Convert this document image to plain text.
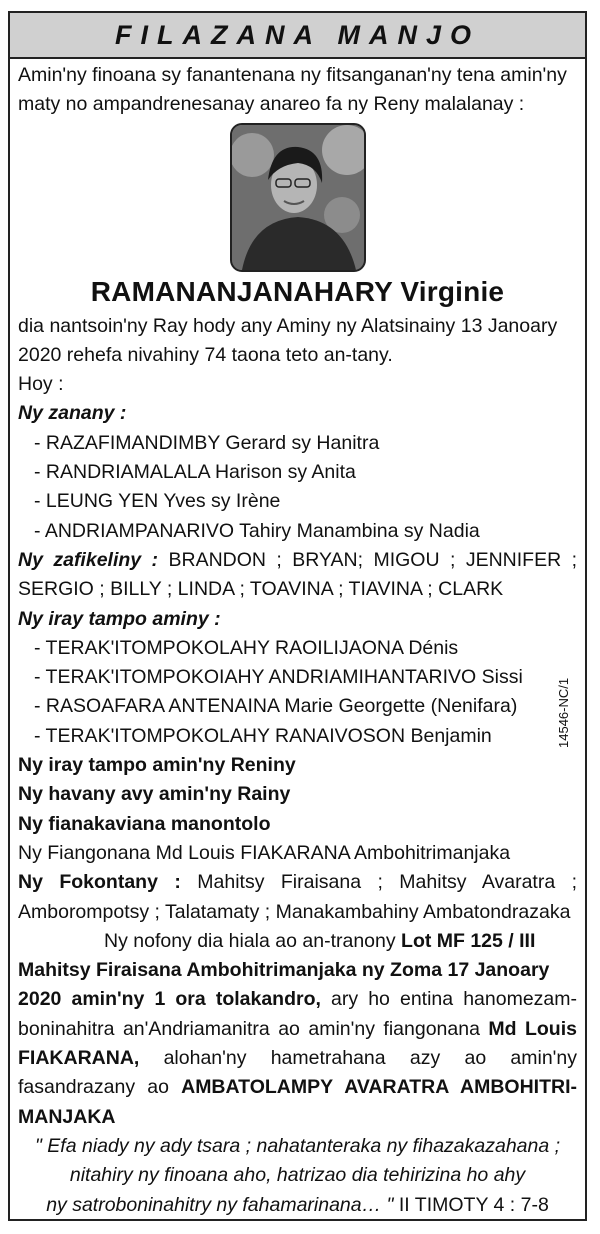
FILAZANA MANJO
Amin'ny finoana sy fanantenana ny fitsanganan'ny tena amin'ny
maty no ampandrenesanay anareo fa ny Reny malalanay :
RAMANANJANAHARY Virginie
dia nantsoin'ny Ray hody any Aminy ny Alatsinainy 13 Janoary
2020 rehefa nivahiny 74 taona teto an-tany.
Hoy :
Ny zanany :
- RAZAFIMANDIMBY Gerard sy Hanitra
- RANDRIAMALALA Harison sy Anita
- LEUNG YEN Yves sy Irène
- ANDRIAMPANARIVO Tahiry Manambina sy Nadia
Ny zafikeliny : BRANDON ; BRYAN; MIGOU ; JENNIFER ;
SERGIO ; BILLY ; LINDA ; TOAVINA ; TIAVINA ; CLARK
Ny iray tampo aminy :
- TERAK'ITOMPOKOLAHY RAOILIJAONA Dénis
- TERAK'ITOMPOKOIAHY ANDRIAMIHANTARIVO Sissi
- RASOAFARA ANTENAINA Marie Georgette (Nenifara)
- TERAK'ITOMPOKOLAHY RANAIVOSON Benjamin
Ny iray tampo amin'ny Reniny
Ny havany avy amin'ny Rainy
Ny fianakaviana manontolo
Ny Fiangonana Md Louis FIAKARANA Ambohitrimanjaka
Ny Fokontany : Mahitsy Firaisana ; Mahitsy Avaratra ;
Amborompotsy ; Talatamaty ; Manakambahiny Ambatondrazaka
Ny nofony dia hiala ao an-tranony Lot MF 125 / III
Mahitsy Firaisana Ambohitrimanjaka ny Zoma 17 Janoary
2020 amin'ny 1 ora tolakandro, ary ho entina hanomezam-
boninahitra an'Andriamanitra ao amin'ny fiangonana Md Louis
FIAKARANA, alohan'ny hametrahana azy ao amin'ny
fasandrazany ao AMBATOLAMPY AVARATRA AMBOHITRI-
MANJAKA
" Efa niady ny ady tsara ; nahatanteraka ny fihazakazahana ;
nitahiry ny finoana aho, hatrizao dia tehirizina ho ahy
ny satroboninahitry ny fahamarinana… " II TIMOTY 4 : 7-8
14546-NC/1
